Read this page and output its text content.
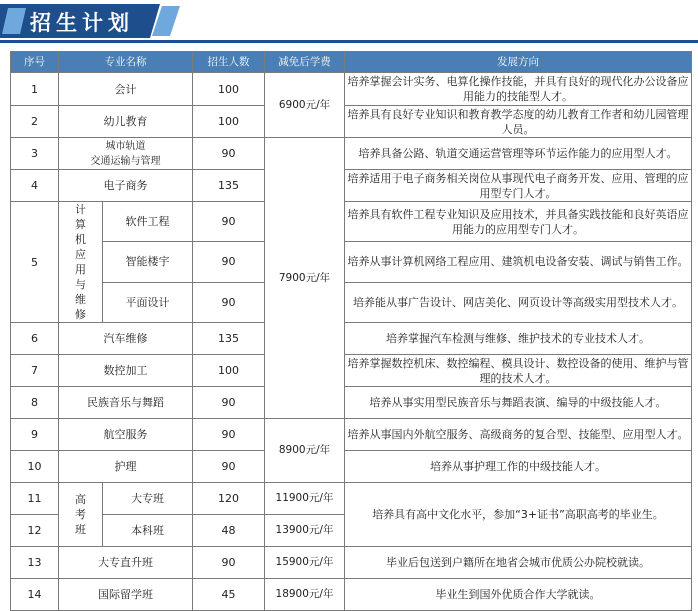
招生计划
序号	专业名称		招生人数	减免后学费	发展方向
1	会计		100	6900元/年	培养掌握会计实务、电算化操作技能，并具有良好的现代化办公设备应用能力的技能型人才。
2	幼儿教育		100		培养具有良好专业知识和教育教学态度的幼儿教育工作者和幼儿园管理人员。
3	城市轨道
交通运输与管理		90	7900元/年	培养具备公路、轨道交通运营管理等环节运作能力的应用型人才。
4	电子商务		135		培养适用于电子商务相关岗位从事现代电子商务开发、应用、管理的应用型专门人才。
5	计算机应用与维修	软件工程	90		培养具有软件工程专业知识及应用技术，并具备实践技能和良好英语应用能力的应用型专门人才。
		智能楼宇	90		培养从事计算机网络工程应用、建筑机电设备安装、调试与销售工作。
		平面设计	90		培养能从事广告设计、网店美化、网页设计等高级实用型技术人才。
6	汽车维修		135		培养掌握汽车检测与维修、维护技术的专业技术人才。
7	数控加工		100		培养掌握数控机床、数控编程、模具设计、数控设备的使用、维护与管理的技术人才。
8	民族音乐与舞蹈		90		培养从事实用型民族音乐与舞蹈表演、编导的中级技能人才。
9	航空服务		90	8900元/年	培养从事国内外航空服务、高级商务的复合型、技能型、应用型人才。
10	护理		90		培养从事护理工作的中级技能人才。
11	高考班	大专班	120	11900元/年	培养具有高中文化水平，参加“3+证书”高职高考的毕业生。
12		本科班	48	13900元/年	
13	大专直升班		90	15900元/年	毕业后包送到户籍所在地省会城市优质公办院校就读。
14	国际留学班		45	18900元/年	毕业生到国外优质合作大学就读。
